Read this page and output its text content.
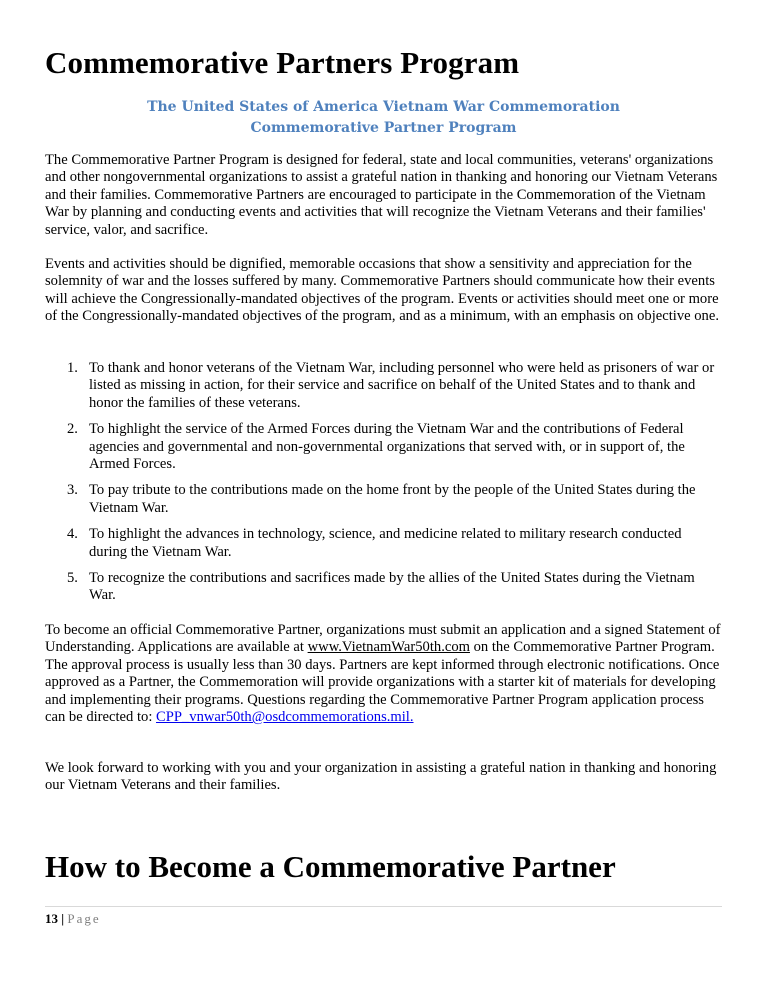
Commemorative Partners Program
The United States of America Vietnam War Commemoration
Commemorative Partner Program

The Commemorative Partner Program is designed for federal, state and local communities, veterans' organizations and other nongovernmental organizations to assist a grateful nation in thanking and honoring our Vietnam Veterans and their families. Commemorative Partners are encouraged to participate in the Commemoration of the Vietnam War by planning and conducting events and activities that will recognize the Vietnam Veterans and their families' service, valor, and sacrifice.

Events and activities should be dignified, memorable occasions that show a sensitivity and appreciation for the solemnity of war and the losses suffered by many. Commemorative Partners should communicate how their events will achieve the Congressionally-mandated objectives of the program. Events or activities should meet one or more of the Congressionally-mandated objectives of the program, and as a minimum, with an emphasis on objective one.

1. To thank and honor veterans of the Vietnam War, including personnel who were held as prisoners of war or listed as missing in action, for their service and sacrifice on behalf of the United States and to thank and honor the families of these veterans.
2. To highlight the service of the Armed Forces during the Vietnam War and the contributions of Federal agencies and governmental and non-governmental organizations that served with, or in support of, the Armed Forces.
3. To pay tribute to the contributions made on the home front by the people of the United States during the Vietnam War.
4. To highlight the advances in technology, science, and medicine related to military research conducted during the Vietnam War.
5. To recognize the contributions and sacrifices made by the allies of the United States during the Vietnam War.

To become an official Commemorative Partner, organizations must submit an application and a signed Statement of Understanding. Applications are available at www.VietnamWar50th.com on the Commemorative Partner Program. The approval process is usually less than 30 days. Partners are kept informed through electronic notifications. Once approved as a Partner, the Commemoration will provide organizations with a starter kit of materials for developing and implementing their programs. Questions regarding the Commemorative Partner Program application process can be directed to: CPP_vnwar50th@osdcommemorations.mil.

We look forward to working with you and your organization in assisting a grateful nation in thanking and honoring our Vietnam Veterans and their families.

How to Become a Commemorative Partner
13 | Page
